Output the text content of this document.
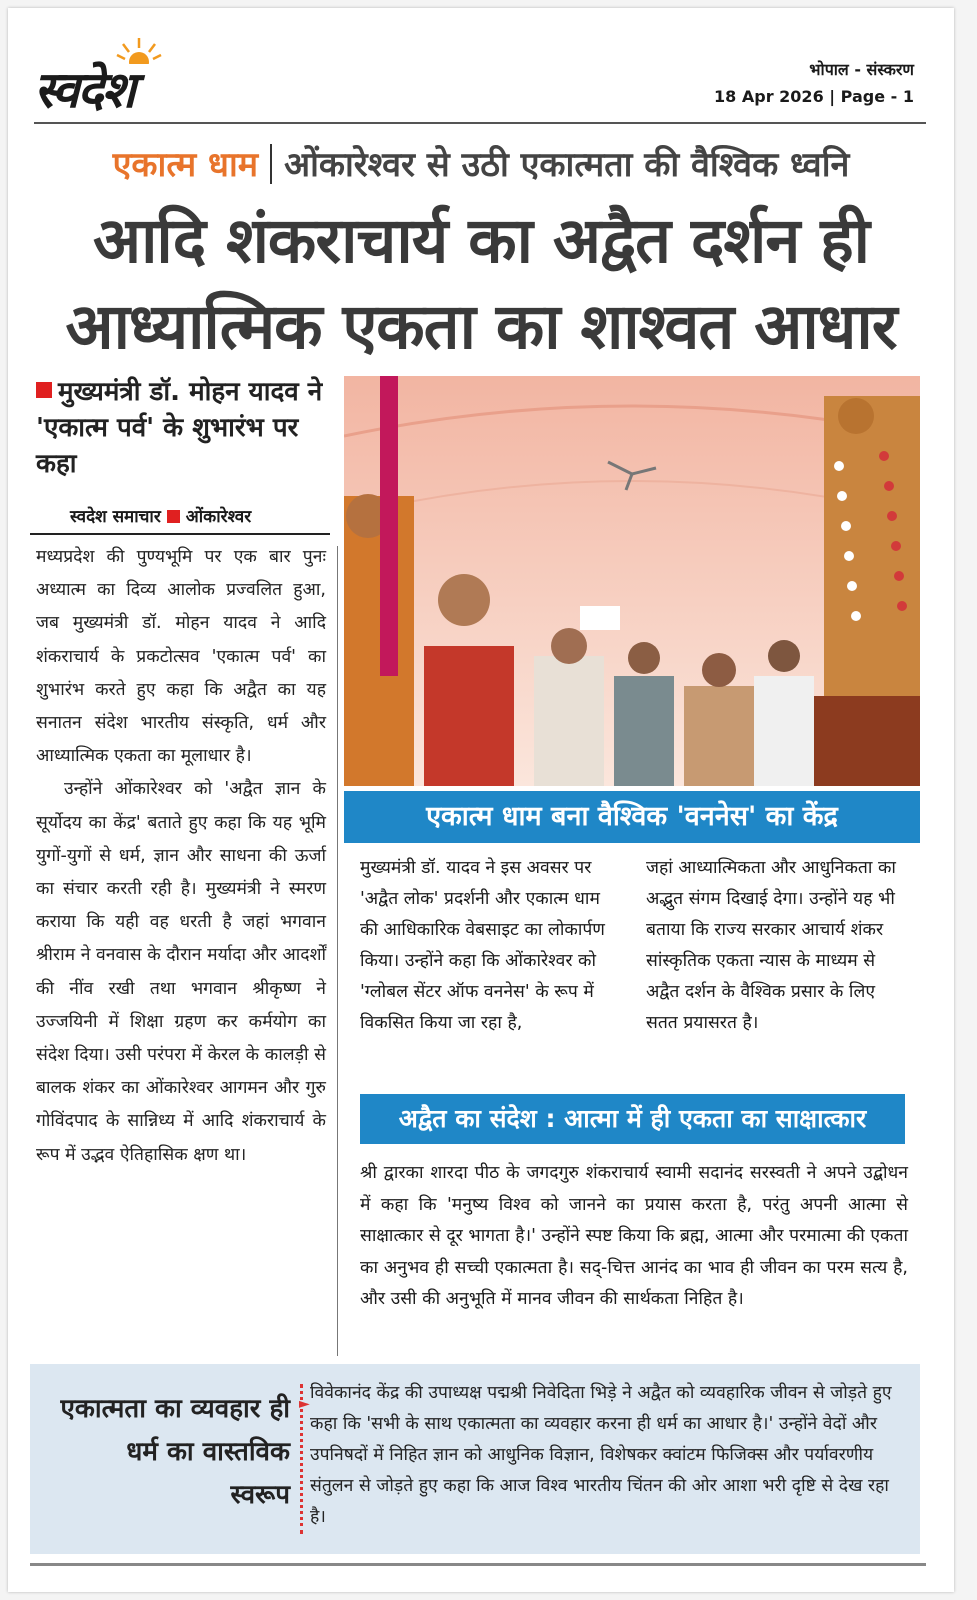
स्वदेश	भोपाल - संस्करण
18 Apr 2026 | Page - 1
एकात्म धाम ओंकारेश्वर से उठी एकात्मता की वैश्विक ध्वनि
आदि शंकराचार्य का अद्वैत दर्शन ही
आध्यात्मिक एकता का शाश्वत आधार
मुख्यमंत्री डॉ. मोहन यादव ने 'एकात्म पर्व' के शुभारंभ पर कहा
स्वदेश समाचार ओंकारेश्वर

मध्यप्रदेश की पुण्यभूमि पर एक बार पुनः अध्यात्म का दिव्य आलोक प्रज्वलित हुआ, जब मुख्यमंत्री डॉ. मोहन यादव ने आदि शंकराचार्य के प्रकटोत्सव 'एकात्म पर्व' का शुभारंभ करते हुए कहा कि अद्वैत का यह सनातन संदेश भारतीय संस्कृति, धर्म और आध्यात्मिक एकता का मूलाधार है।

उन्होंने ओंकारेश्वर को 'अद्वैत ज्ञान के सूर्योदय का केंद्र' बताते हुए कहा कि यह भूमि युगों-युगों से धर्म, ज्ञान और साधना की ऊर्जा का संचार करती रही है। मुख्यमंत्री ने स्मरण कराया कि यही वह धरती है जहां भगवान श्रीराम ने वनवास के दौरान मर्यादा और आदर्शों की नींव रखी तथा भगवान श्रीकृष्ण ने उज्जयिनी में शिक्षा ग्रहण कर कर्मयोग का संदेश दिया। उसी परंपरा में केरल के कालड़ी से बालक शंकर का ओंकारेश्वर आगमन और गुरु गोविंदपाद के सान्निध्य में आदि शंकराचार्य के रूप में उद्भव ऐतिहासिक क्षण था।

एकात्म धाम बना वैश्विक 'वननेस' का केंद्र
मुख्यमंत्री डॉ. यादव ने इस अवसर पर 'अद्वैत लोक' प्रदर्शनी और एकात्म धाम की आधिकारिक वेबसाइट का लोकार्पण किया। उन्होंने कहा कि ओंकारेश्वर को 'ग्लोबल सेंटर ऑफ वननेस' के रूप में विकसित किया जा रहा है,
जहां आध्यात्मिकता और आधुनिकता का अद्भुत संगम दिखाई देगा। उन्होंने यह भी बताया कि राज्य सरकार आचार्य शंकर सांस्कृतिक एकता न्यास के माध्यम से अद्वैत दर्शन के वैश्विक प्रसार के लिए सतत प्रयासरत है।
अद्वैत का संदेश : आत्मा में ही एकता का साक्षात्कार
श्री द्वारका शारदा पीठ के जगदगुरु शंकराचार्य स्वामी सदानंद सरस्वती ने अपने उद्बोधन में कहा कि 'मनुष्य विश्व को जानने का प्रयास करता है, परंतु अपनी आत्मा से साक्षात्कार से दूर भागता है।' उन्होंने स्पष्ट किया कि ब्रह्म, आत्मा और परमात्मा की एकता का अनुभव ही सच्ची एकात्मता है। सद्-चित्त आनंद का भाव ही जीवन का परम सत्य है, और उसी की अनुभूति में मानव जीवन की सार्थकता निहित है।
एकात्मता का व्यवहार ही धर्म का वास्तविक स्वरूप
►
विवेकानंद केंद्र की उपाध्यक्ष पद्मश्री निवेदिता भिड़े ने अद्वैत को व्यवहारिक जीवन से जोड़ते हुए कहा कि 'सभी के साथ एकात्मता का व्यवहार करना ही धर्म का आधार है।' उन्होंने वेदों और उपनिषदों में निहित ज्ञान को आधुनिक विज्ञान, विशेषकर क्वांटम फिजिक्स और पर्यावरणीय संतुलन से जोड़ते हुए कहा कि आज विश्व भारतीय चिंतन की ओर आशा भरी दृष्टि से देख रहा है।
